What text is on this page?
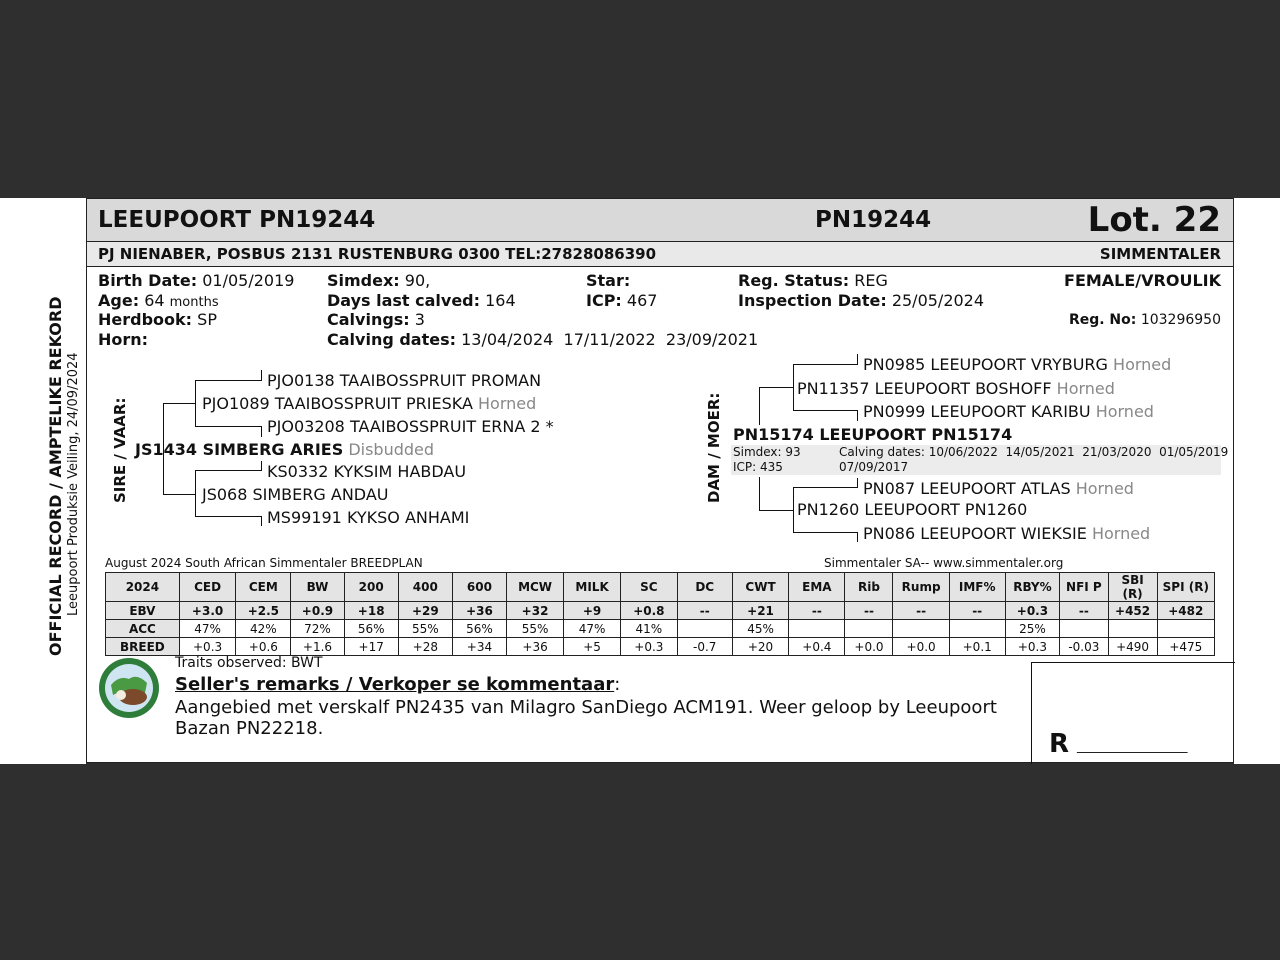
OFFICIAL RECORD / AMPTELIKE REKORD Leeupoort Produksie Veiling, 24/09/2024
LEEUPOORT PN19244	PN19244	Lot. 22
PJ NIENABER, POSBUS 2131 RUSTENBURG 0300 TEL:27828086390	SIMMENTALER
Birth Date: 01/05/2019
Age: 64 months
Herdbook: SP
Horn:
Simdex: 90,
Days last calved: 164
Calvings: 3
Calving dates: 13/04/2024  17/11/2022  23/09/2021
Star:
ICP: 467
Reg. Status: REG
Inspection Date: 25/05/2024
FEMALE/VROULIK
Reg. No: 103296950
SIRE / VAAR:
PJO0138 TAAIBOSSPRUIT PROMAN
PJO1089 TAAIBOSSPRUIT PRIESKA Horned
PJO03208 TAAIBOSSPRUIT ERNA 2 *
JS1434 SIMBERG ARIES Disbudded
KS0332 KYKSIM HABDAU
JS068 SIMBERG ANDAU
MS99191 KYKSO ANHAMI
DAM / MOER:
PN0985 LEEUPOORT VRYBURG Horned
PN11357 LEEUPOORT BOSHOFF Horned
PN0999 LEEUPOORT KARIBU Horned
PN15174 LEEUPOORT PN15174
Simdex: 93
ICP: 435
Calving dates: 10/06/2022  14/05/2021  21/03/2020  01/05/2019
07/09/2017
PN087 LEEUPOORT ATLAS Horned
PN1260 LEEUPOORT PN1260
PN086 LEEUPOORT WIEKSIE Horned
August 2024 South African Simmentaler BREEDPLAN	Simmentaler SA-- www.simmentaler.org
2024	CED	CEM	BW	200	400	600	MCW	MILK	SC	DC	CWT	EMA	Rib	Rump	IMF%	RBY%	NFI P	SBI (R)	SPI (R)
EBV	+3.0	+2.5	+0.9	+18	+29	+36	+32	+9	+0.8	--	+21	--	--	--	--	+0.3	--	+452	+482
ACC	47%	42%	72%	56%	55%	56%	55%	47%	41%		45%					25%			
BREED	+0.3	+0.6	+1.6	+17	+28	+34	+36	+5	+0.3	-0.7	+20	+0.4	+0.0	+0.0	+0.1	+0.3	-0.03	+490	+475
Traits observed: BWT
Seller's remarks / Verkoper se kommentaar:
Aangebied met verskalf PN2435 van Milagro SanDiego ACM191. Weer geloop by Leeupoort
Bazan PN22218.
R _________________
